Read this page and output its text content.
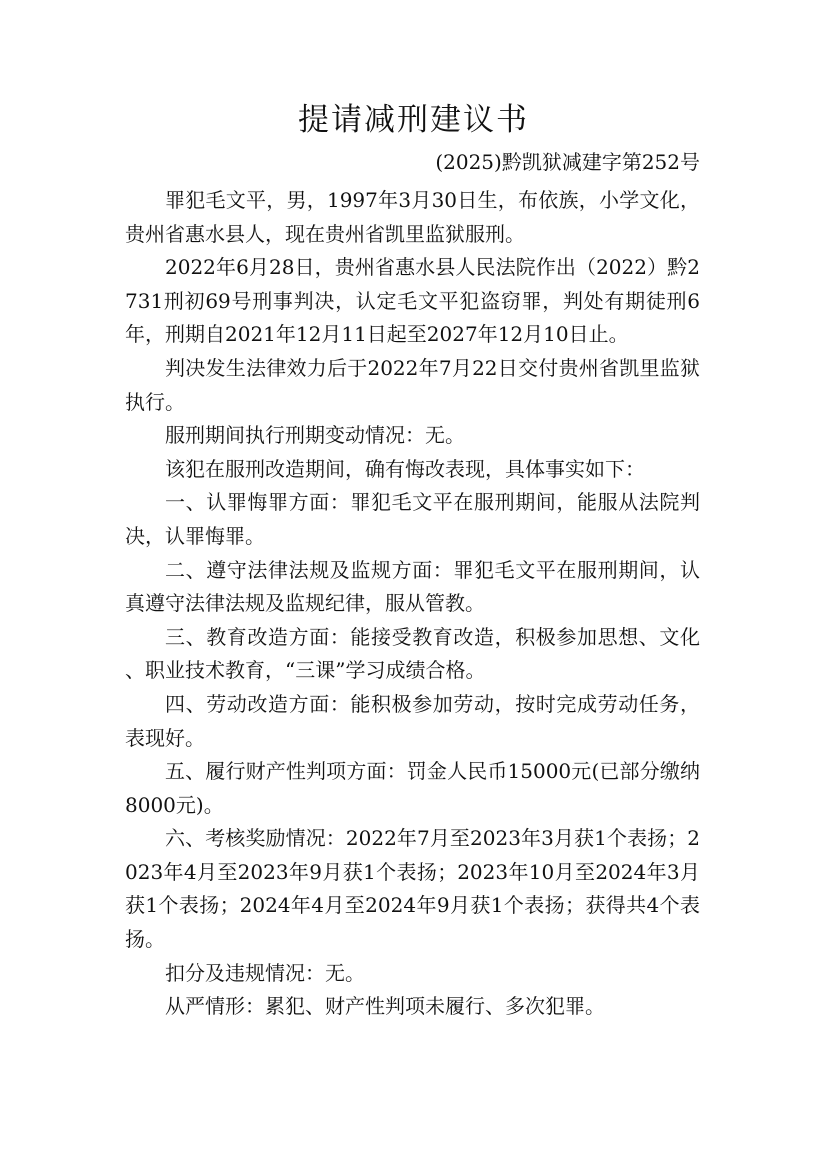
提请减刑建议书
(2025)黔凯狱减建字第252号

罪犯毛文平，男，1997年3月30日生，布依族，小学文化，贵州省惠水县人，现在贵州省凯里监狱服刑。

2022年6月28日，贵州省惠水县人民法院作出（2022）黔2731刑初69号刑事判决，认定毛文平犯盗窃罪，判处有期徒刑6年，刑期自2021年12月11日起至2027年12月10日止。

判决发生法律效力后于2022年7月22日交付贵州省凯里监狱执行。

服刑期间执行刑期变动情况：无。

该犯在服刑改造期间，确有悔改表现，具体事实如下：

一、认罪悔罪方面：罪犯毛文平在服刑期间，能服从法院判决，认罪悔罪。

二、遵守法律法规及监规方面：罪犯毛文平在服刑期间，认真遵守法律法规及监规纪律，服从管教。

三、教育改造方面：能接受教育改造，积极参加思想、文化、职业技术教育，“三课”学习成绩合格。

四、劳动改造方面：能积极参加劳动，按时完成劳动任务，表现好。

五、履行财产性判项方面：罚金人民币15000元(已部分缴纳8000元)。

六、考核奖励情况：2022年7月至2023年3月获1个表扬；2023年4月至2023年9月获1个表扬；2023年10月至2024年3月获1个表扬；2024年4月至2024年9月获1个表扬；获得共4个表扬。

扣分及违规情况：无。

从严情形：累犯、财产性判项未履行、多次犯罪。
